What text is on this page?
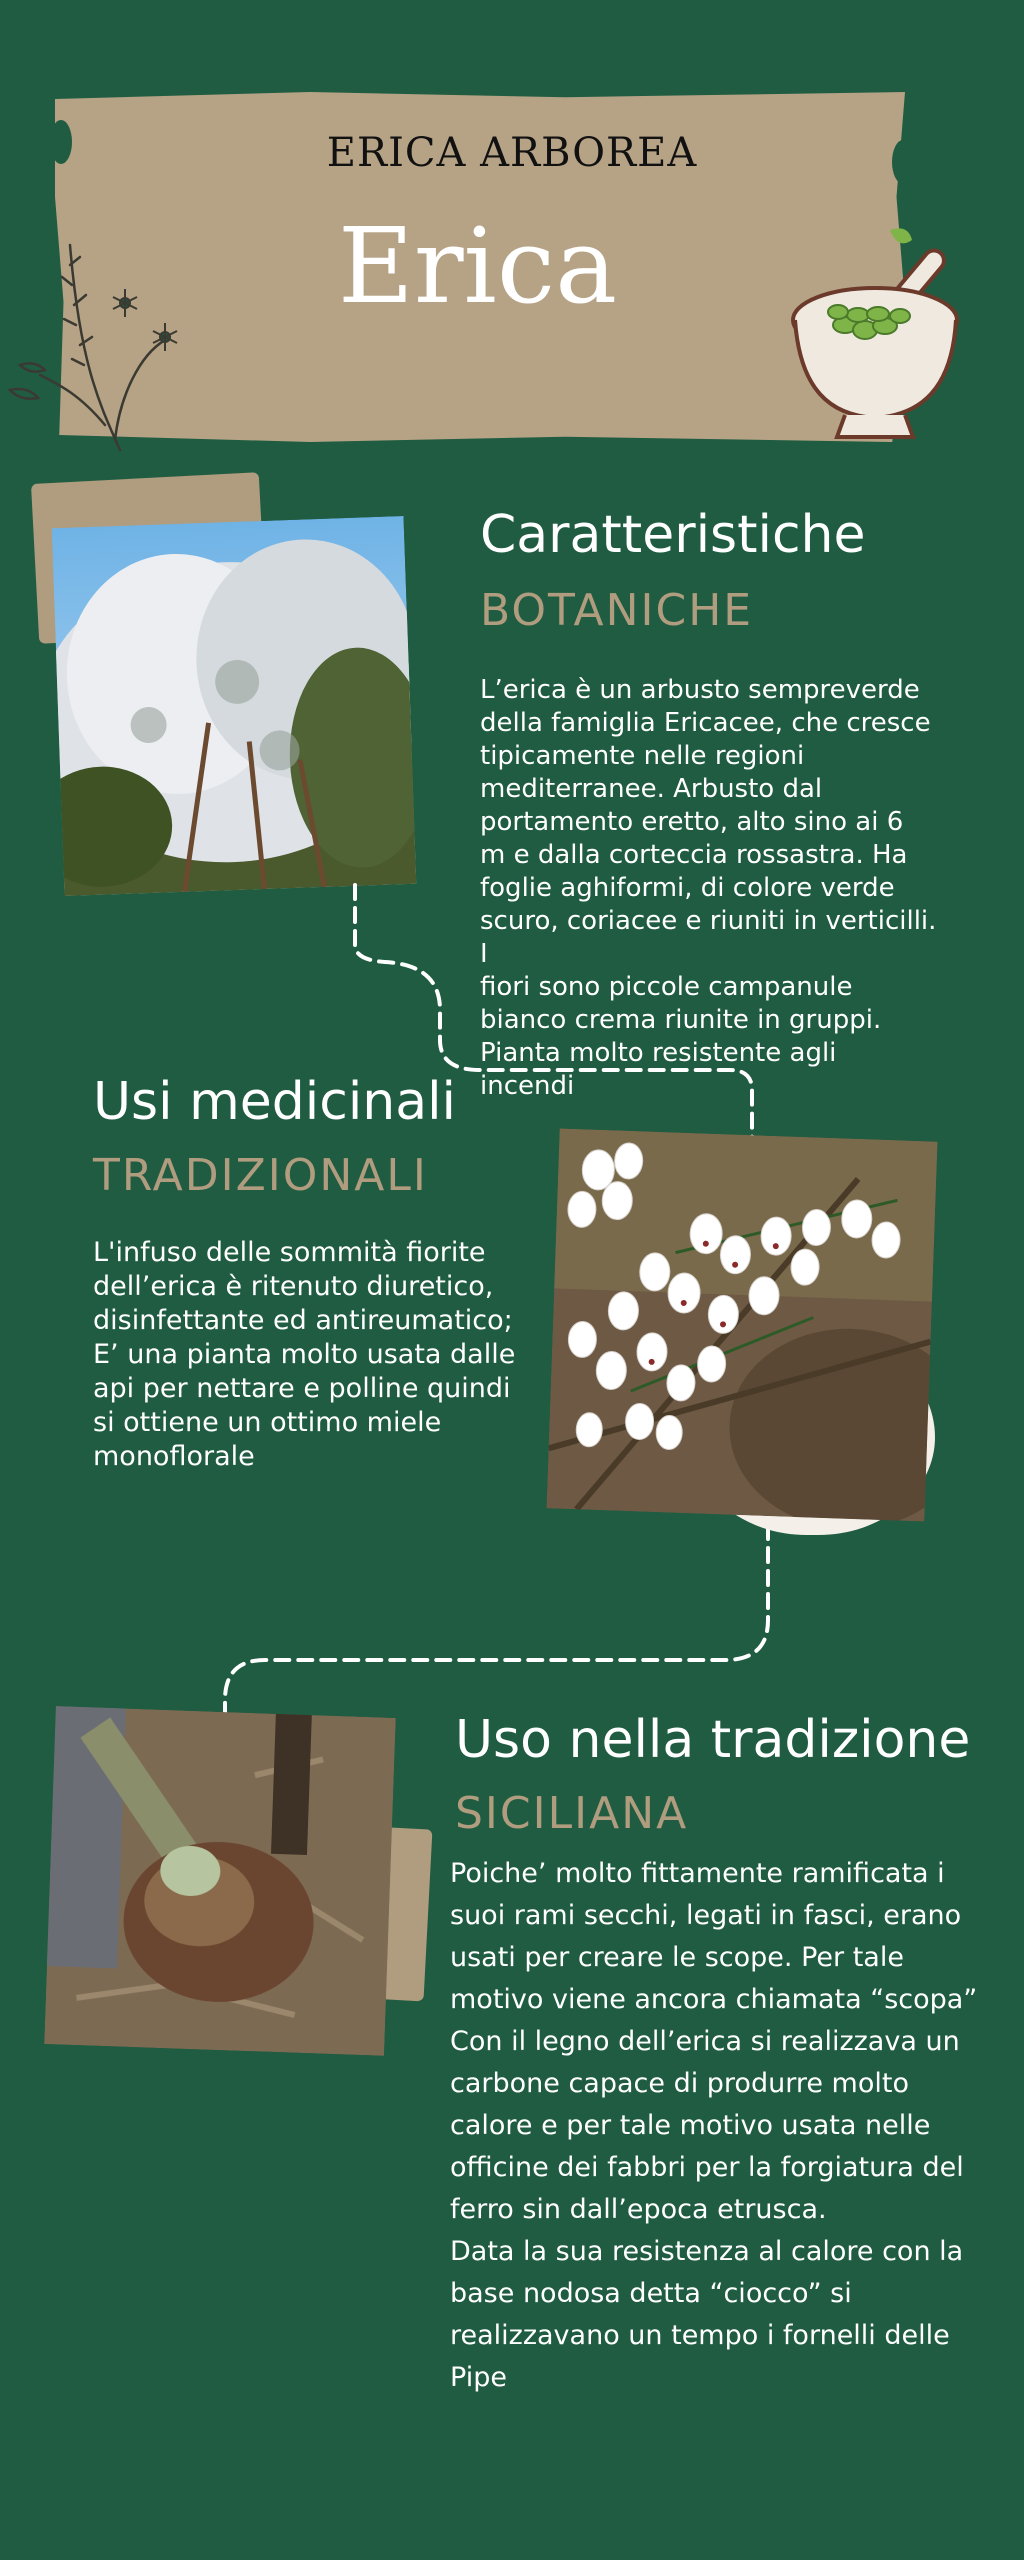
ERICA ARBOREA
Erica
Caratteristiche
BOTANICHE
L’erica è un arbusto sempreverde
della famiglia Ericacee, che cresce
tipicamente nelle regioni
mediterranee. Arbusto dal
portamento eretto, alto sino ai 6
m e dalla corteccia rossastra. Ha
foglie aghiformi, di colore verde
scuro, coriacee e riuniti in verticilli. I
fiori sono piccole campanule
bianco crema riunite in gruppi.
Pianta molto resistente agli
incendi
Usi medicinali
TRADIZIONALI
L'infuso delle sommità fiorite
dell’erica è ritenuto diuretico,
disinfettante ed antireumatico;
E’ una pianta molto usata dalle
api per nettare e polline quindi
si ottiene un ottimo miele
monoflorale
Uso nella tradizione
SICILIANA
Poiche’ molto fittamente ramificata i
suoi rami secchi, legati in fasci, erano
usati per creare le scope. Per tale
motivo viene ancora chiamata “scopa”
Con il legno dell’erica si realizzava un
carbone capace di produrre molto
calore e per tale motivo usata nelle
officine dei fabbri per la forgiatura del
ferro sin dall’epoca etrusca.
Data la sua resistenza al calore con la
base nodosa detta “ciocco” si
realizzavano un tempo i fornelli delle
Pipe
